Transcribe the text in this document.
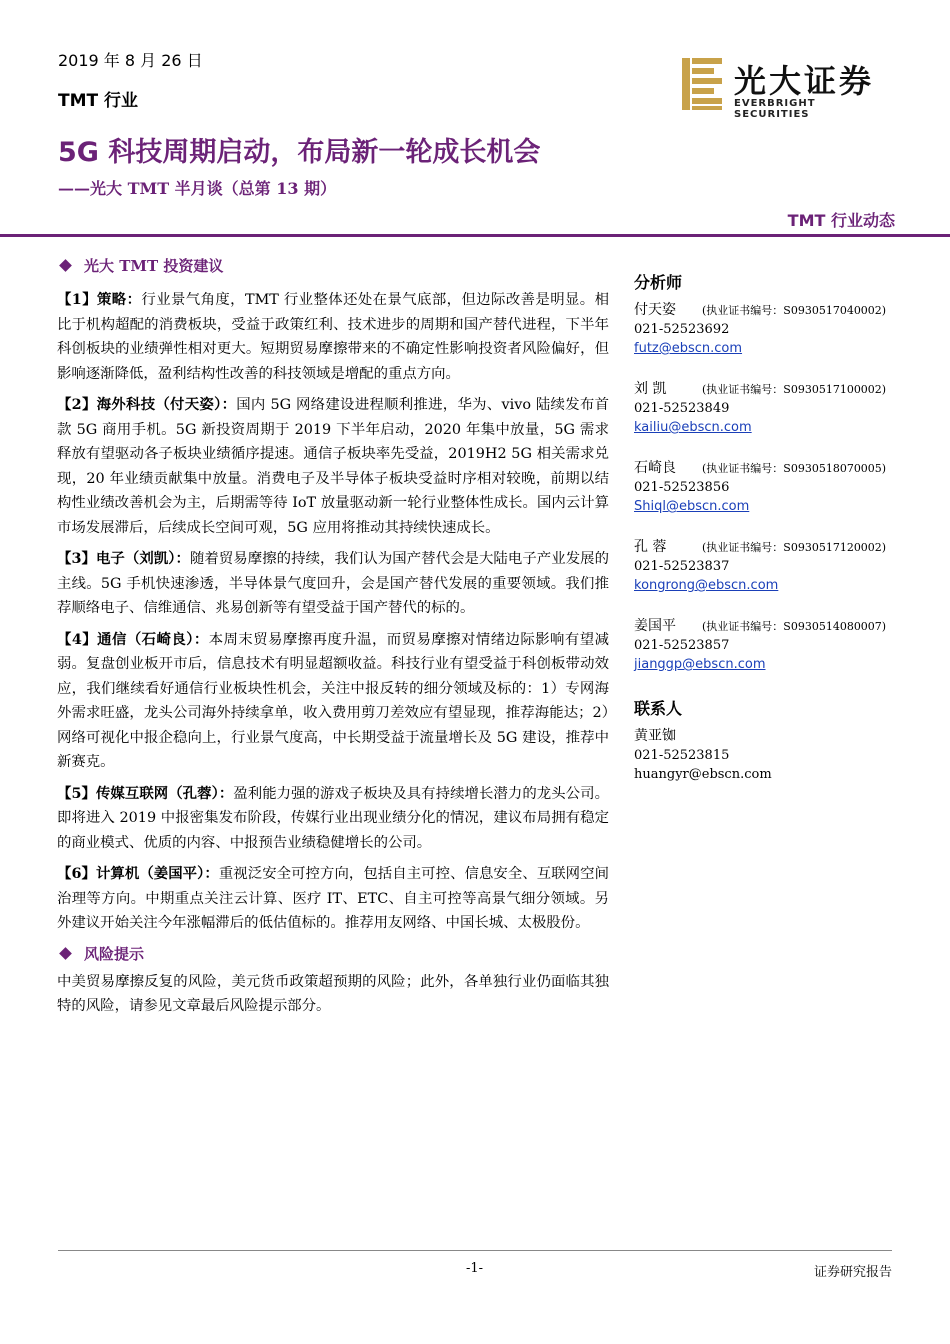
2019 年 8 月 26 日
TMT 行业
光大证券
EVERBRIGHT SECURITIES
5G 科技周期启动，布局新一轮成长机会
——光大 TMT 半月谈（总第 13 期）
TMT 行业动态
光大 TMT 投资建议
【1】策略：行业景气角度，TMT 行业整体还处在景气底部，但边际改善是明显。相比于机构超配的消费板块，受益于政策红利、技术进步的周期和国产替代进程，下半年科创板块的业绩弹性相对更大。短期贸易摩擦带来的不确定性影响投资者风险偏好，但影响逐渐降低，盈利结构性改善的科技领域是增配的重点方向。
【2】海外科技（付天姿）：国内 5G 网络建设进程顺利推进，华为、vivo 陆续发布首款 5G 商用手机。5G 新投资周期于 2019 下半年启动，2020 年集中放量，5G 需求释放有望驱动各子板块业绩循序提速。通信子板块率先受益，2019H2 5G 相关需求兑现，20 年业绩贡献集中放量。消费电子及半导体子板块受益时序相对较晚，前期以结构性业绩改善机会为主，后期需等待 IoT 放量驱动新一轮行业整体性成长。国内云计算市场发展滞后，后续成长空间可观，5G 应用将推动其持续快速成长。
【3】电子（刘凯）：随着贸易摩擦的持续，我们认为国产替代会是大陆电子产业发展的主线。5G 手机快速渗透，半导体景气度回升，会是国产替代发展的重要领域。我们推荐顺络电子、信维通信、兆易创新等有望受益于国产替代的标的。
【4】通信（石崎良）：本周末贸易摩擦再度升温，而贸易摩擦对情绪边际影响有望减弱。复盘创业板开市后，信息技术有明显超额收益。科技行业有望受益于科创板带动效应，我们继续看好通信行业板块性机会，关注中报反转的细分领域及标的：1）专网海外需求旺盛，龙头公司海外持续拿单，收入费用剪刀差效应有望显现，推荐海能达；2）网络可视化中报企稳向上，行业景气度高，中长期受益于流量增长及 5G 建设，推荐中新赛克。
【5】传媒互联网（孔蓉）：盈利能力强的游戏子板块及具有持续增长潜力的龙头公司。即将进入 2019 中报密集发布阶段，传媒行业出现业绩分化的情况，建议布局拥有稳定的商业模式、优质的内容、中报预告业绩稳健增长的公司。
【6】计算机（姜国平）：重视泛安全可控方向，包括自主可控、信息安全、互联网空间治理等方向。中期重点关注云计算、医疗 IT、ETC、自主可控等高景气细分领域。另外建议开始关注今年涨幅滞后的低估值标的。推荐用友网络、中国长城、太极股份。
风险提示
中美贸易摩擦反复的风险，美元货币政策超预期的风险；此外，各单独行业仍面临其独特的风险，请参见文章最后风险提示部分。
分析师
付天姿	(执业证书编号：S0930517040002)
021-52523692
futz@ebscn.com
刘 凯	(执业证书编号：S0930517100002)
021-52523849
kailiu@ebscn.com
石崎良	(执业证书编号：S0930518070005)
021-52523856
Shiql@ebscn.com
孔 蓉	(执业证书编号：S0930517120002)
021-52523837
kongrong@ebscn.com
姜国平	(执业证书编号：S0930514080007)
021-52523857
jianggp@ebscn.com
联系人
黄亚铷
021-52523815
huangyr@ebscn.com
-1-	证券研究报告
